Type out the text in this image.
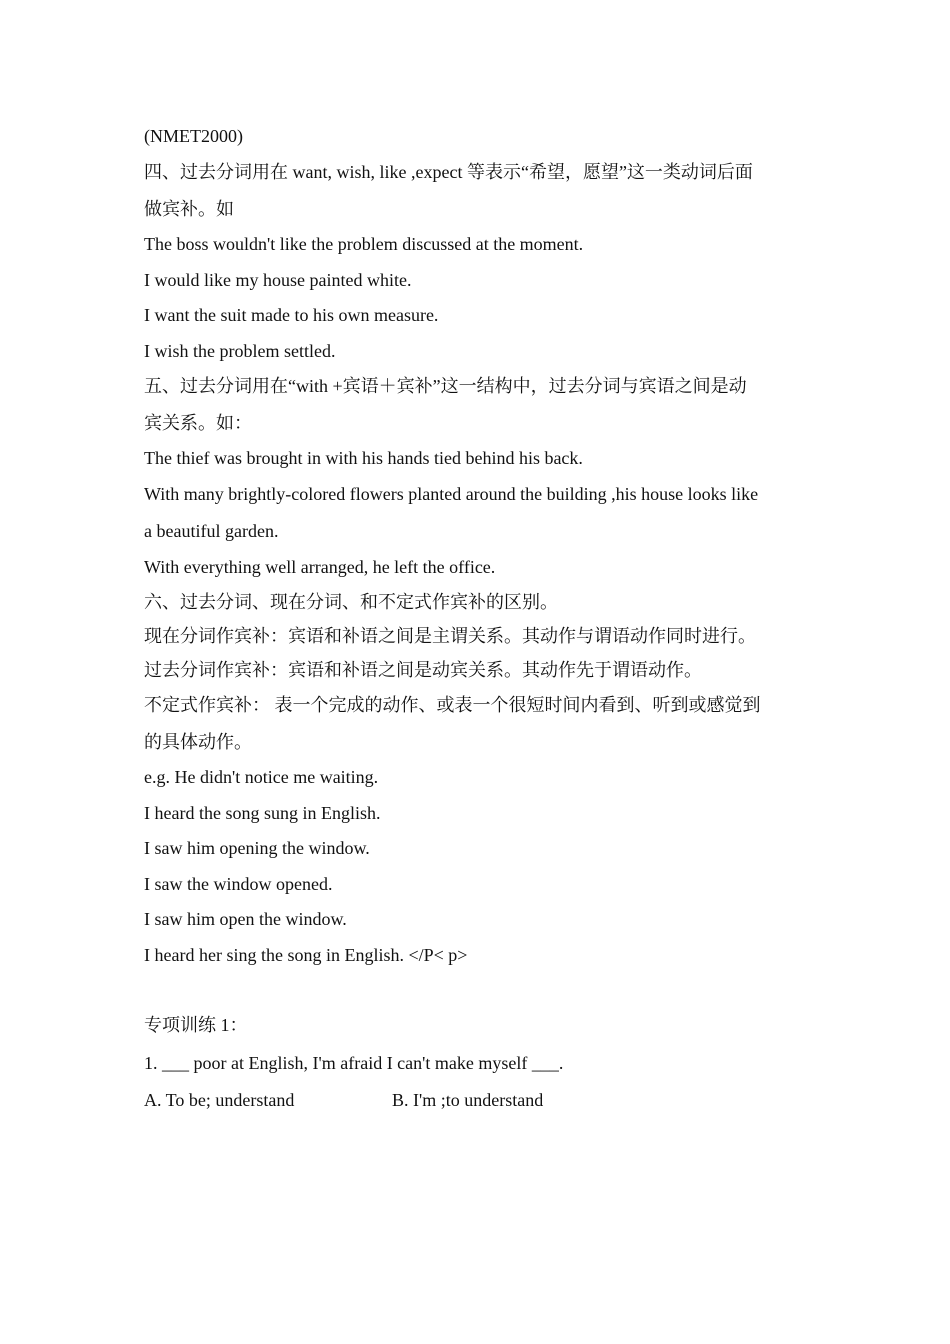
(NMET2000)
四、过去分词用在 want, wish, like ,expect 等表示“希望，愿望”这一类动词后面
做宾补。如
The boss wouldn't like the problem discussed at the moment.
I would like my house painted white.
I want the suit made to his own measure.
I wish the problem settled.
五、过去分词用在“with +宾语＋宾补”这一结构中，过去分词与宾语之间是动
宾关系。如：
The thief was brought in with his hands tied behind his back.
With many brightly-colored flowers planted around the building ,his house looks like
a beautiful garden.
With everything well arranged, he left the office.
六、过去分词、现在分词、和不定式作宾补的区别。
现在分词作宾补：宾语和补语之间是主谓关系。其动作与谓语动作同时进行。
过去分词作宾补：宾语和补语之间是动宾关系。其动作先于谓语动作。
不定式作宾补： 表一个完成的动作、或表一个很短时间内看到、听到或感觉到
的具体动作。
e.g. He didn't notice me waiting.
I heard the song sung in English.
I saw him opening the window.
I saw the window opened.
I saw him open the window.
I heard her sing the song in English. </P< p>
专项训练 1：
1. ___ poor at English, I'm afraid I can't make myself ___.
A. To be; understand	B. I'm ;to understand
